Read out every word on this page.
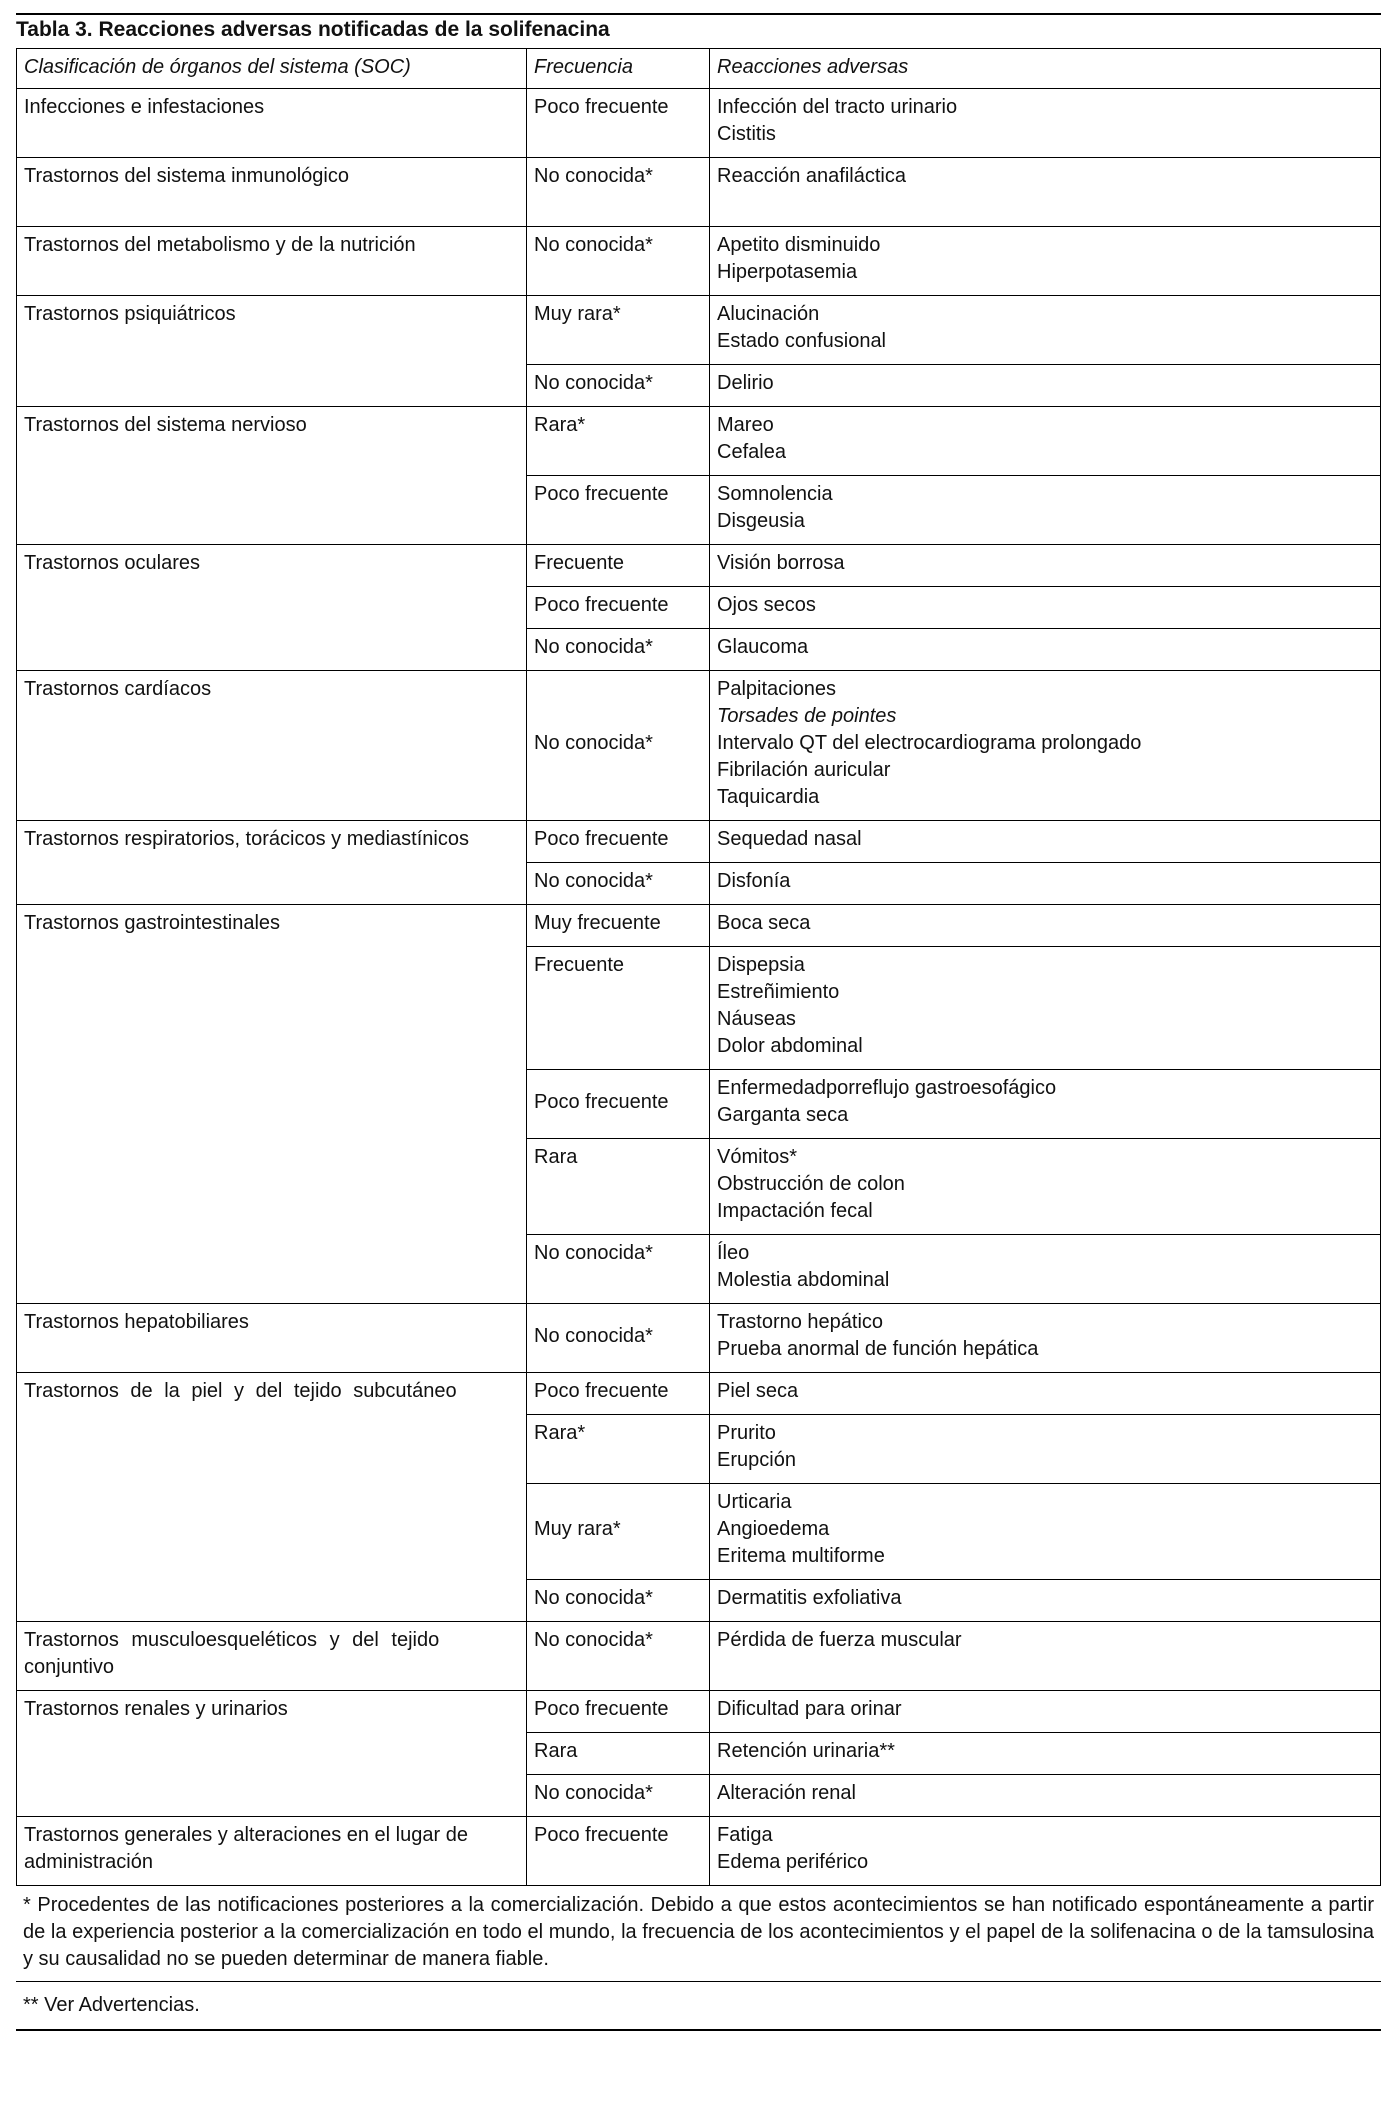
Tabla 3. Reacciones adversas notificadas de la solifenacina
Clasificación de órganos del sistema (SOC)	Frecuencia	Reacciones adversas
Infecciones e infestaciones	Poco frecuente	Infección del tracto urinario
Cistitis

Trastornos del sistema inmunológico	No conocida*	Reacción anafiláctica

Trastornos del metabolismo y de la nutrición	No conocida*	Apetito disminuido
Hiperpotasemia

Trastornos psiquiátricos	Muy rara*	Alucinación
Estado confusional

	No conocida*	Delirio

Trastornos del sistema nervioso	Rara*	Mareo
Cefalea

	Poco frecuente	Somnolencia
Disgeusia

Trastornos oculares	Frecuente	Visión borrosa

	Poco frecuente	Ojos secos

	No conocida*	Glaucoma

Trastornos cardíacos	No conocida*	Palpitaciones
Torsades de pointes
Intervalo QT del electrocardiograma prolongado
Fibrilación auricular
Taquicardia

Trastornos respiratorios, torácicos y mediastínicos	Poco frecuente	Sequedad nasal

	No conocida*	Disfonía

Trastornos gastrointestinales	Muy frecuente	Boca seca

	Frecuente	Dispepsia
Estreñimiento
Náuseas
Dolor abdominal

	Poco frecuente	Enfermedadporreflujo gastroesofágico
Garganta seca

	Rara	Vómitos*
Obstrucción de colon
Impactación fecal

	No conocida*	Íleo
Molestia abdominal

Trastornos hepatobiliares	No conocida*	Trastorno hepático
Prueba anormal de función hepática

Trastornos de la piel y del tejido subcutáneo	Poco frecuente	Piel seca

	Rara*	Prurito
Erupción

	Muy rara*	Urticaria
Angioedema
Eritema multiforme

	No conocida*	Dermatitis exfoliativa

Trastornos musculoesqueléticos y del tejido conjuntivo	No conocida*	Pérdida de fuerza muscular

Trastornos renales y urinarios	Poco frecuente	Dificultad para orinar

	Rara	Retención urinaria**

	No conocida*	Alteración renal

Trastornos generales y alteraciones en el lugar de administración	Poco frecuente	Fatiga
Edema periférico
* Procedentes de las notificaciones posteriores a la comercialización. Debido a que estos acontecimientos se han notificado espontáneamente a partir de la experiencia posterior a la comercialización en todo el mundo, la frecuencia de los acontecimientos y el papel de la solifenacina o de la tamsulosina y su causalidad no se pueden determinar de manera fiable.
** Ver Advertencias.
